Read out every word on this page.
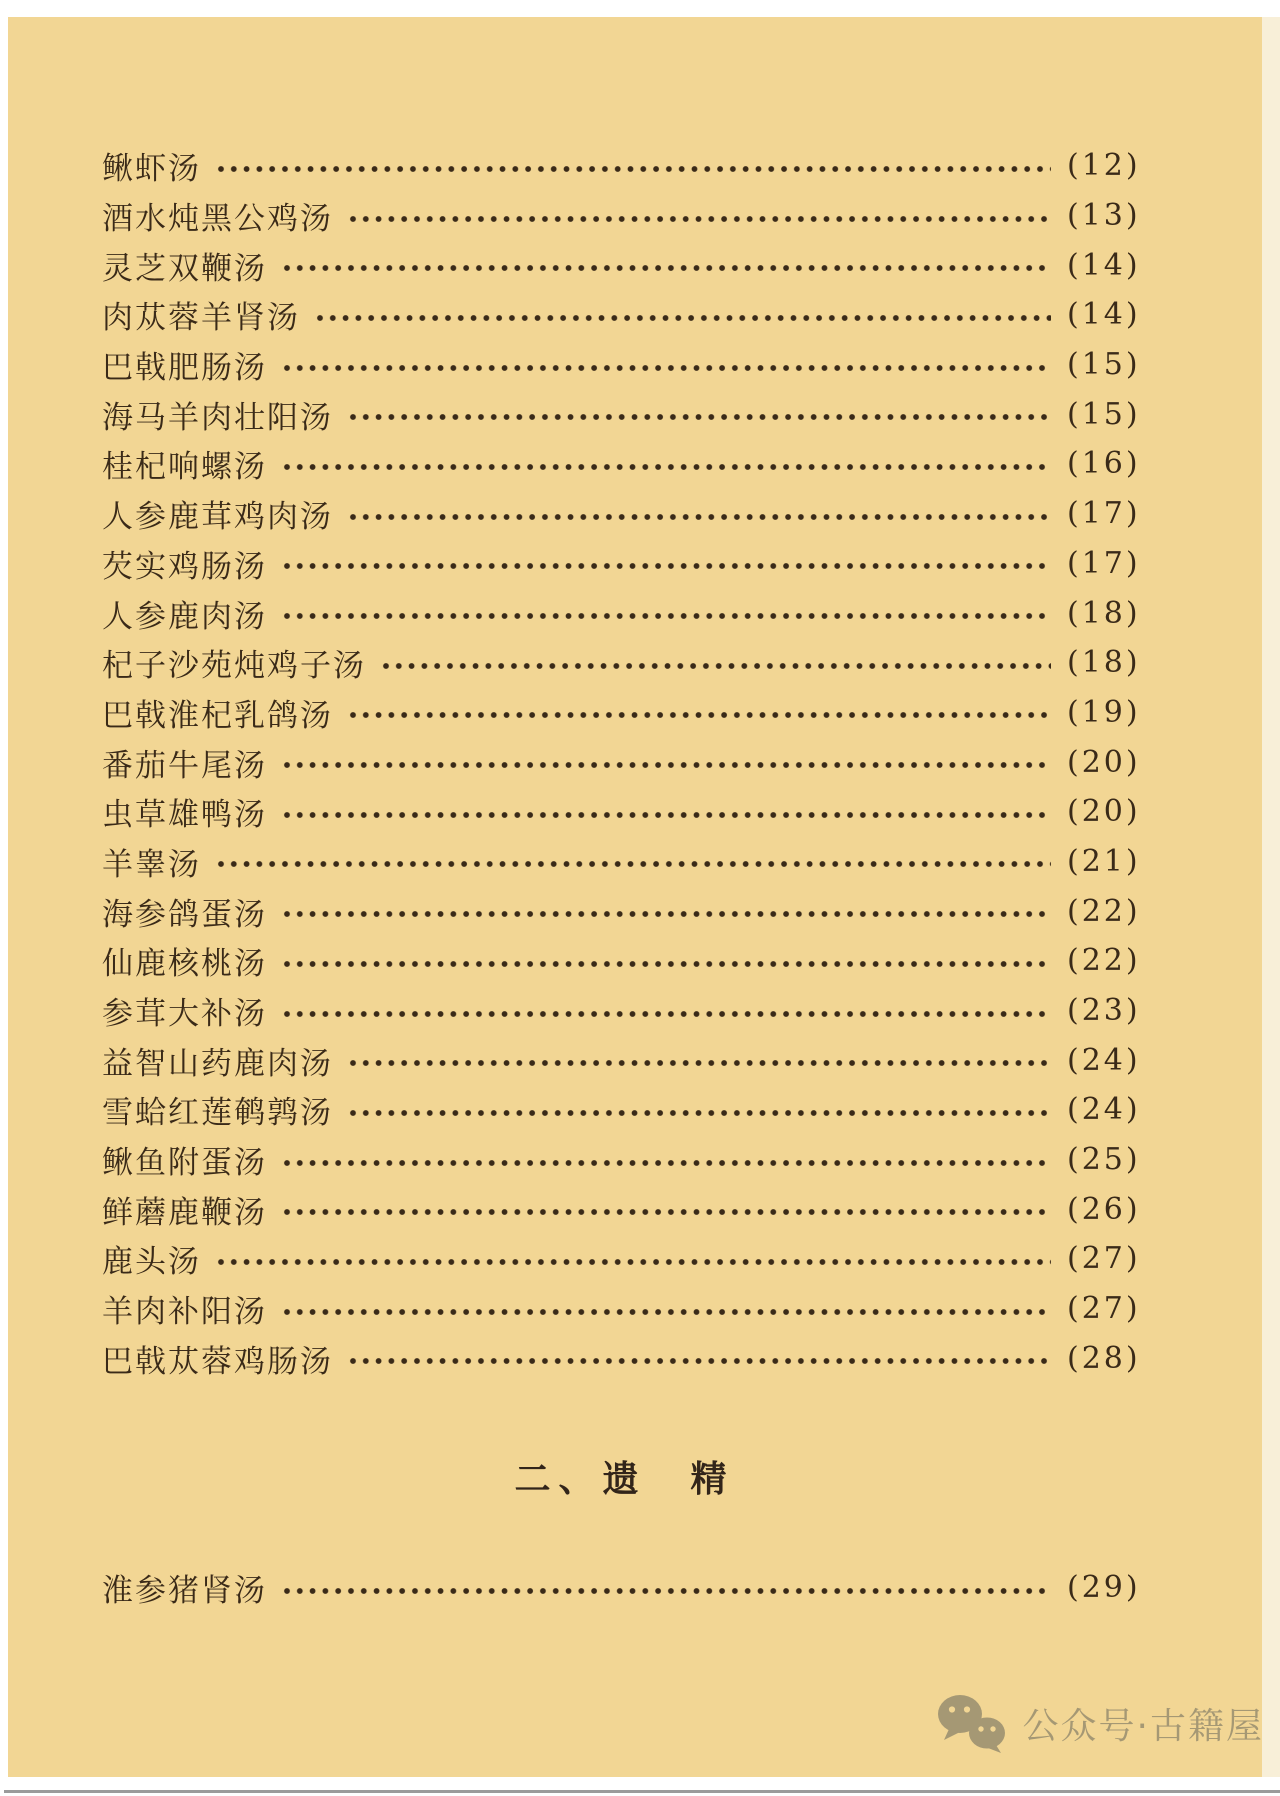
鳅虾汤	(12)
酒水炖黑公鸡汤	(13)
灵芝双鞭汤	(14)
肉苁蓉羊肾汤	(14)
巴戟肥肠汤	(15)
海马羊肉壮阳汤	(15)
桂杞响螺汤	(16)
人参鹿茸鸡肉汤	(17)
芡实鸡肠汤	(17)
人参鹿肉汤	(18)
杞子沙苑炖鸡子汤	(18)
巴戟淮杞乳鸽汤	(19)
番茄牛尾汤	(20)
虫草雄鸭汤	(20)
羊睾汤	(21)
海参鸽蛋汤	(22)
仙鹿核桃汤	(22)
参茸大补汤	(23)
益智山药鹿肉汤	(24)
雪蛤红莲鹌鹑汤	(24)
鳅鱼附蛋汤	(25)
鲜蘑鹿鞭汤	(26)
鹿头汤	(27)
羊肉补阳汤	(27)
巴戟苁蓉鸡肠汤	(28)
二、遗　精
淮参猪肾汤	(29)
公众号·古籍屋
